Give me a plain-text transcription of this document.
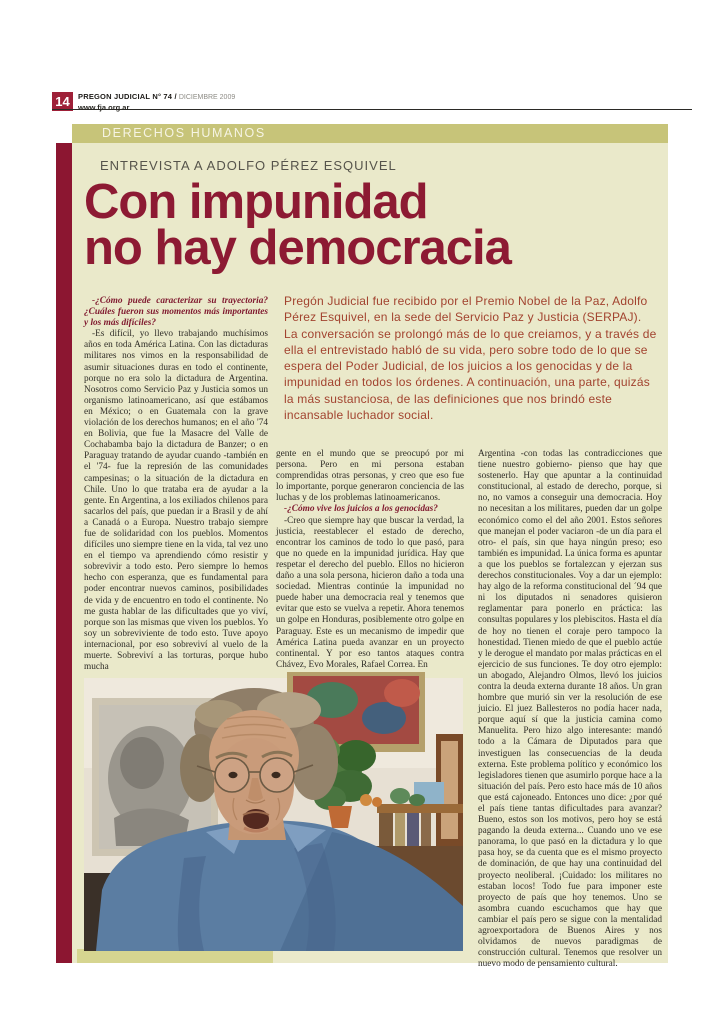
14	PREGON JUDICIAL N° 74 / DICIEMBRE 2009
www.fja.org.ar
DERECHOS HUMANOS
ENTREVISTA A ADOLFO PÉREZ ESQUIVEL
Con impunidad
no hay democracia

-¿Cómo puede caracterizar su trayectoria? ¿Cuáles fueron sus momentos más importantes y los más difíciles?

-Es difícil, yo llevo trabajando muchísimos años en toda América Latina. Con las dictaduras militares nos vimos en la responsabilidad de asumir situaciones duras en todo el continente, porque no era solo la dictadura de Argentina. Nosotros como Servicio Paz y Justicia somos un organismo latinoamericano, así que estábamos en México; o en Guatemala con la grave violación de los derechos humanos; en el año '74 en Bolivia, que fue la Masacre del Valle de Cochabamba bajo la dictadura de Banzer; o en Paraguay tratando de ayudar cuando -también en el '74- fue la represión de las comunidades campesinas; o la situación de la dictadura en Chile. Uno lo que trataba era de ayudar a la gente. En Argentina, a los exiliados chilenos para sacarlos del país, que puedan ir a Brasil y de ahí a Canadá o a Europa. Nuestro trabajo siempre fue de solidaridad con los pueblos. Momentos difíciles uno siempre tiene en la vida, tal vez uno en el tiempo va aprendiendo cómo resistir y sobrevivir a todo esto. Pero siempre lo hemos hecho con esperanza, que es fundamental para poder encontrar nuevos caminos, posibilidades de vida y de encuentro en todo el continente. No me gusta hablar de las dificultades que yo viví, porque son las mismas que viven los pueblos. Yo soy un sobreviviente de todo esto. Tuve apoyo internacional, por eso sobreviví al vuelo de la muerte. Sobreviví a las torturas, porque hubo mucha

Pregón Judicial fue recibido por el Premio Nobel de la Paz, Adolfo Pérez Esquivel, en la sede del Servicio Paz y Justicia (SERPAJ). La conversación se prolongó más de lo que creiamos, y a través de ella el entrevistado habló de su vida, pero sobre todo de lo que se espera del Poder Judicial, de los juicios a los genocidas y de la impunidad en todos los órdenes. A continuación, una parte, quizás la más sustanciosa, de las definiciones que nos brindó este incansable luchador social.

gente en el mundo que se preocupó por mi persona. Pero en mi persona estaban comprendidas otras personas, y creo que eso fue lo importante, porque generaron conciencia de las luchas y de los problemas latinoamericanos.

-¿Cómo vive los juicios a los genocidas?

-Creo que siempre hay que buscar la verdad, la justicia, reestablecer el estado de derecho, encontrar los caminos de todo lo que pasó, para que no quede en la impunidad jurídica. Hay que respetar el derecho del pueblo. Ellos no hicieron daño a una sola persona, hicieron daño a toda una sociedad. Mientras continúe la impunidad no puede haber una democracia real y tenemos que evitar que esto se vuelva a repetir. Ahora tenemos un golpe en Honduras, posiblemente otro golpe en Paraguay. Este es un mecanismo de impedir que América Latina pueda avanzar en un proyecto continental. Y por eso tantos ataques contra Chávez, Evo Morales, Rafael Correa. En

Argentina -con todas las contradicciones que tiene nuestro gobierno- pienso que hay que sostenerlo. Hay que apuntar a la continuidad constitucional, al estado de derecho, porque, si no, no vamos a conseguir una democracia. Hoy no necesitan a los militares, pueden dar un golpe económico como el del año 2001. Estos señores que manejan el poder vaciaron -de un día para el otro- el país, sin que haya ningún preso; eso también es impunidad. La única forma es apuntar a que los pueblos se fortalezcan y ejerzan sus derechos constitucionales. Voy a dar un ejemplo: hay algo de la reforma constitucional del ´94 que ni los diputados ni senadores quisieron reglamentar para ponerlo en práctica: las consultas populares y los plebiscitos. Hasta el día de hoy no tienen el coraje pero tampoco la honestidad. Tienen miedo de que el pueblo actúe y le derogue el mandato por malas prácticas en el ejercicio de sus funciones. Te doy otro ejemplo: un abogado, Alejandro Olmos, llevó los juicios contra la deuda externa durante 18 años. Un gran hombre que murió sin ver la resolución de ese juicio. El juez Ballesteros no podía hacer nada, porque aquí sí que la justicia camina como Manuelita. Pero hizo algo interesante: mandó todo a la Cámara de Diputados para que investiguen las consecuencias de la deuda externa. Este problema político y económico los legisladores tienen que asumirlo porque hace a la situación del país. Pero esto hace más de 10 años que está cajoneado. Entonces uno dice: ¿por qué el país tiene tantas dificultades para avanzar? Bueno, estos son los motivos, pero hoy se está pagando la deuda externa... Cuando uno ve ese panorama, lo que pasó en la dictadura y lo que pasa hoy, se da cuenta que es el mismo proyecto de dominación, de que hay una continuidad del proyecto neoliberal. ¡Cuidado: los militares no estaban locos! Todo fue para imponer este proyecto de país que hoy tenemos. Uno se asombra cuando escuchamos que hay que cambiar el país pero se sigue con la mentalidad agroexportadora de Buenos Aires y nos olvidamos de nuevos paradigmas de construcción cultural. Tenemos que resolver un nuevo modo de pensamiento cultural.
